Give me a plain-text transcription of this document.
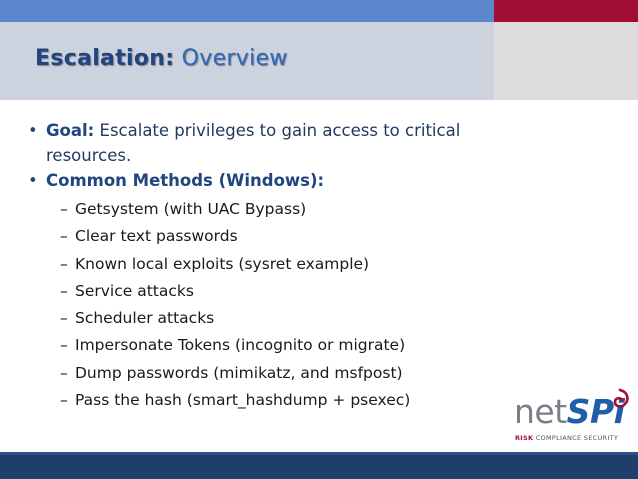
Escalation: Overview
• Goal: Escalate privileges to gain access to critical resources.
• Common Methods (Windows):
– Getsystem (with UAC Bypass)
– Clear text passwords
– Known local exploits (sysret example)
– Service attacks
– Scheduler attacks
– Impersonate Tokens (incognito or migrate)
– Dump passwords (mimikatz, and msfpost)
– Pass the hash (smart_hashdump + psexec)	netSPi
RISK COMPLIANCE SECURITY
